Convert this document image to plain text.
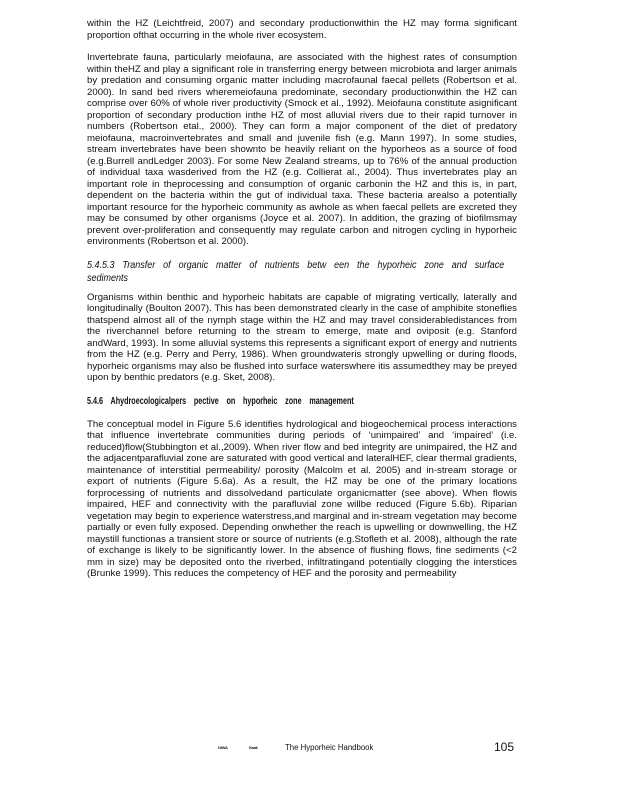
within the HZ (Leichtfreid, 2007) and secondary productionwithin the HZ may forma significant proportion ofthat occurring in the whole river ecosystem.

Invertebrate fauna, particularly meiofauna, are associated with the highest rates of consumption within theHZ and play a significant role in transferring energy between microbiota and larger animals by predation and consuming organic matter including macrofaunal faecal pellets (Robertson et al. 2000). In sand bed rivers wheremeiofauna predominate, secondary productionwithin the HZ can comprise over 60% of whole river productivity (Smock et al., 1992). Meiofauna constitute asignificant proportion of secondary production inthe HZ of most alluvial rivers due to their rapid turnover in numbers (Robertson etal., 2000). They can form a major component of the diet of predatory meiofauna, macroinvertebrates and small and juvenile fish (e.g. Mann 1997). In some studies, stream invertebrates have been shownto be heavily reliant on the hyporheos as a source of food (e.g.Burrell andLedger 2003). For some New Zealand streams, up to 76% of the annual production of individual taxa wasderived from the HZ (e.g. Collierat al., 2004). Thus invertebrates play an important role in theprocessing and consumption of organic carbonin the HZ and this is, in part, dependent on the bacteria within the gut of individual taxa. These bacteria arealso a potentially important resource for the hyporheic community as awhole as when faecal pellets are excreted they may be consumed by other organisms (Joyce et al. 2007). In addition, the grazing of biofilmsmay prevent over-proliferation and consequently may regulate carbon and nitrogen cycling in hyporheic environments (Robertson et al. 2000).

5.4.5.3 Transfer of organic matter of nutrients betw een the hyporheic zone and surface sediments

Organisms within benthic and hyporheic habitats are capable of migrating vertically, laterally and longitudinally (Boulton 2007). This has been demonstrated clearly in the case of amphibite stoneflies thatspend almost all of the nymph stage within the HZ and may travel considerabledistances from the riverchannel before returning to the stream to emerge, mate and oviposit (e.g. Stanford andWard, 1993). In some alluvial systems this represents a significant export of energy and nutrients from the HZ (e.g. Perry and Perry, 1986). When groundwateris strongly upwelling or during floods, hyporheic organisms may also be flushed into surface waterswhere itis assumedthey may be preyed upon by benthic predators (e.g. Sket, 2008).

5.4.6 Ahydroecologicalpers pective on hyporheic zone management

The conceptual model in Figure 5.6 identifies hydrological and biogeochemical process interactions that influence invertebrate communities during periods of ‘unimpaired’ and ‘impaired’ (i.e. reduced)flow(Stubbington et al.,2009). When river flow and bed integrity are unimpaired, the HZ and the adjacentparafluvial zone are saturated with good vertical and lateralHEF, clear thermal gradients, maintenance of interstitial permeability/ porosity (Malcolm et al. 2005) and in-stream storage or export of nutrients (Figure 5.6a). As a result, the HZ may be one of the primary locations forprocessing of nutrients and dissolvedand particulate organicmatter (see above). When flowis impaired, HEF and connectivity with the parafluvial zone willbe reduced (Figure 5.6b). Riparian vegetation may begin to experience waterstress,and marginal and in-stream vegetation may become partially or even fully exposed. Depending onwhether the reach is upwelling or downwelling, the HZ maystill functionas a transient store or source of nutrients (e.g.Stofleth et al. 2008), although the rate of exchange is likely to be significantly lower. In the absence of flushing flows, fine sediments (<2 mm in size) may be deposited onto the riverbed, infiltratingand potentially clogging the interstices (Brunke 1999). This reduces the competency of HEF and the porosity and permeability

NIWA	Eaalt	The Hyporheic Handbook	105
